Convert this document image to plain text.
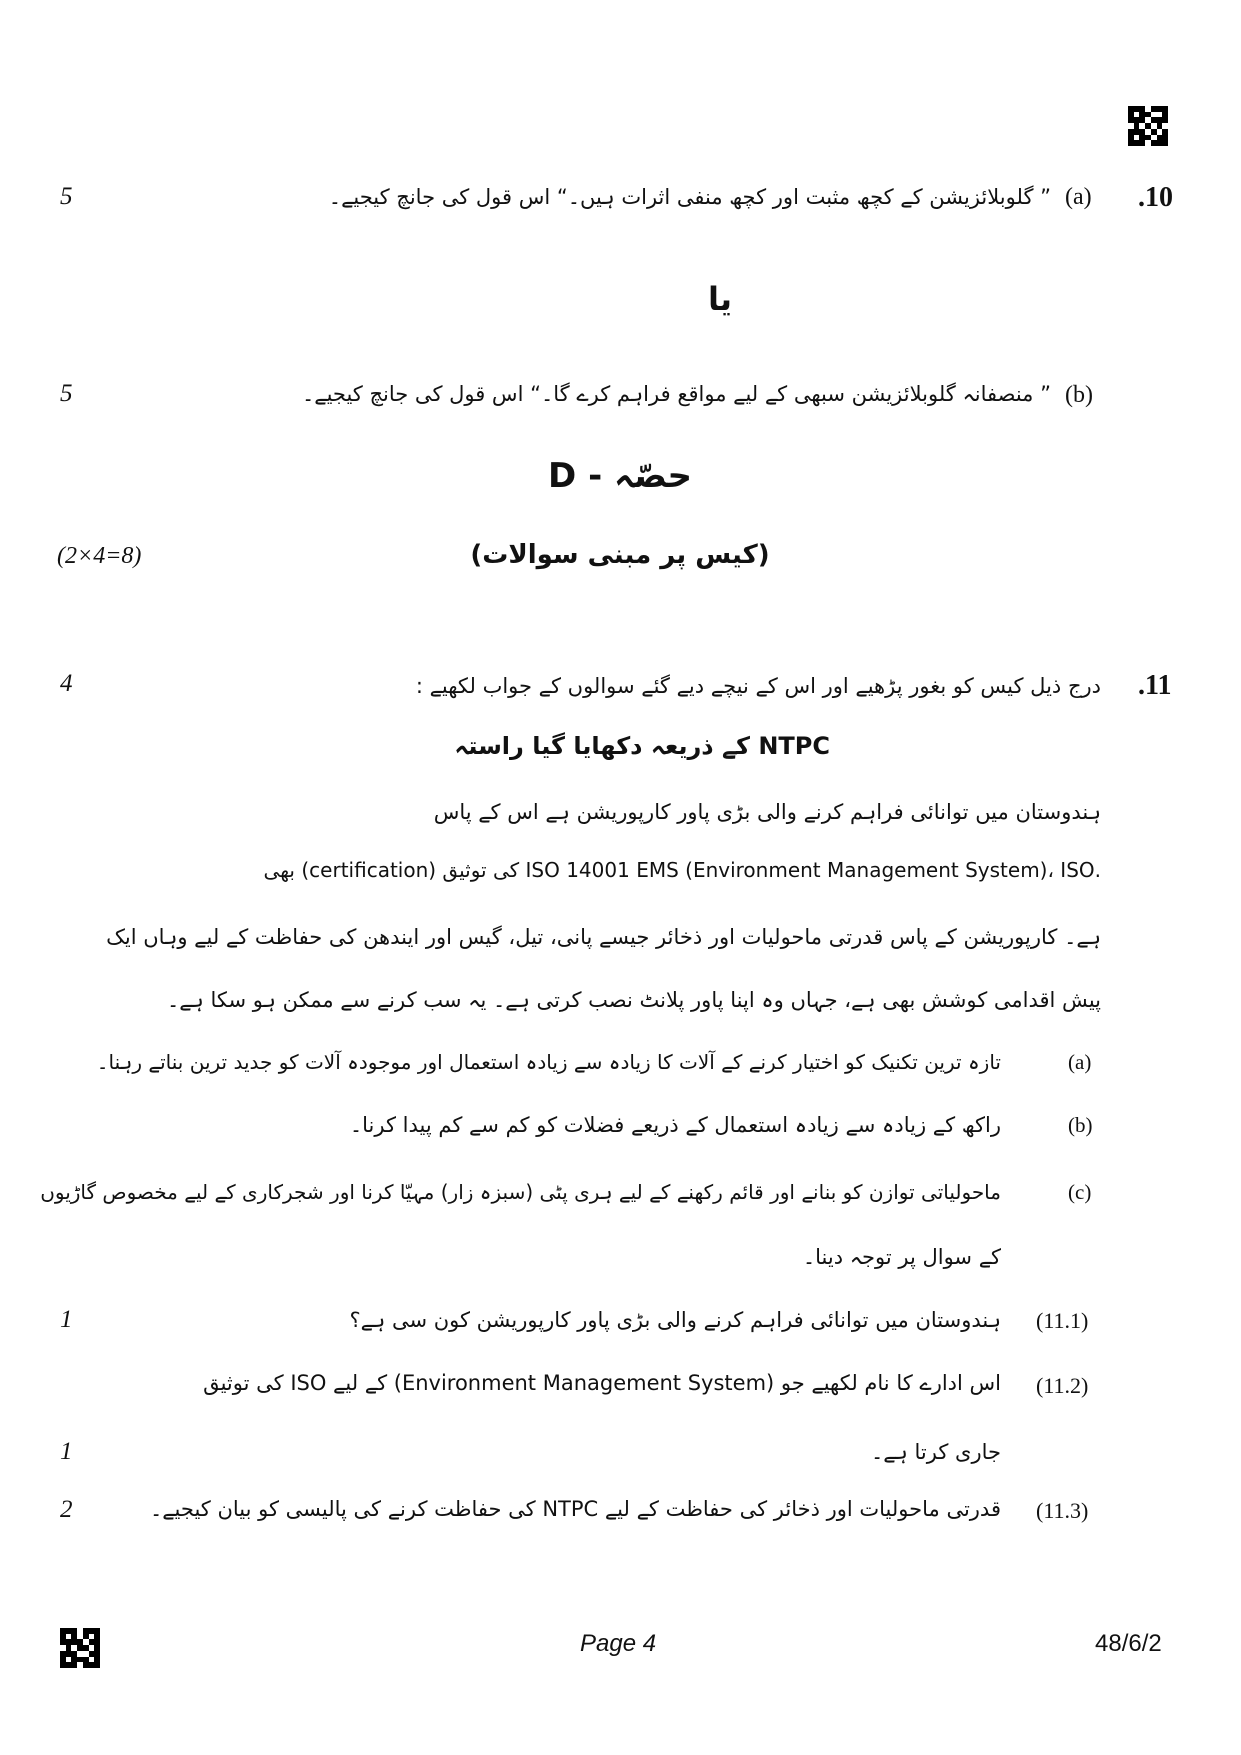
.10
5	(a)
” گلوبلائزیشن کے کچھ مثبت اور کچھ منفی اثرات ہیں۔“ اس قول کی جانچ کیجیے۔
یا
5	(b)
” منصفانہ گلوبلائزیشن سبھی کے لیے مواقع فراہم کرے گا۔“ اس قول کی جانچ کیجیے۔
حصّہ - D
(کیس پر مبنی سوالات)
(2×4=8)
.11
4	درج ذیل کیس کو بغور پڑھیے اور اس کے نیچے دیے گئے سوالوں کے جواب لکھیے :
NTPC کے ذریعہ دکھایا گیا راستہ
ہندوستان میں توانائی فراہم کرنے والی بڑی پاور کارپوریشن ہے اس کے پاس
.ISO 14001 EMS (Environment Management System)، ISO کی توثیق (certification) بھی
ہے۔ کارپوریشن کے پاس قدرتی ماحولیات اور ذخائر جیسے پانی، تیل، گیس اور ایندھن کی حفاظت کے لیے وہاں ایک
پیش اقدامی کوشش بھی ہے، جہاں وہ اپنا پاور پلانٹ نصب کرتی ہے۔ یہ سب کرنے سے ممکن ہو سکا ہے۔
(a)
تازہ ترین تکنیک کو اختیار کرنے کے آلات کا زیادہ سے زیادہ استعمال اور موجودہ آلات کو جدید ترین بناتے رہنا۔
(b)
راکھ کے زیادہ سے زیادہ استعمال کے ذریعے فضلات کو کم سے کم پیدا کرنا۔
(c)
ماحولیاتی توازن کو بنانے اور قائم رکھنے کے لیے ہری پٹی (سبزہ زار) مہیّا کرنا اور شجرکاری کے لیے مخصوص گاڑیوں
کے سوال پر توجہ دینا۔
1	(11.1)
ہندوستان میں توانائی فراہم کرنے والی بڑی پاور کارپوریشن کون سی ہے؟
(11.2)
اس ادارے کا نام لکھیے جو (Environment Management System) کے لیے ISO کی توثیق
1	جاری کرتا ہے۔
2	(11.3)
قدرتی ماحولیات اور ذخائر کی حفاظت کے لیے NTPC کی حفاظت کرنے کی پالیسی کو بیان کیجیے۔
Page 4	48/6/2
